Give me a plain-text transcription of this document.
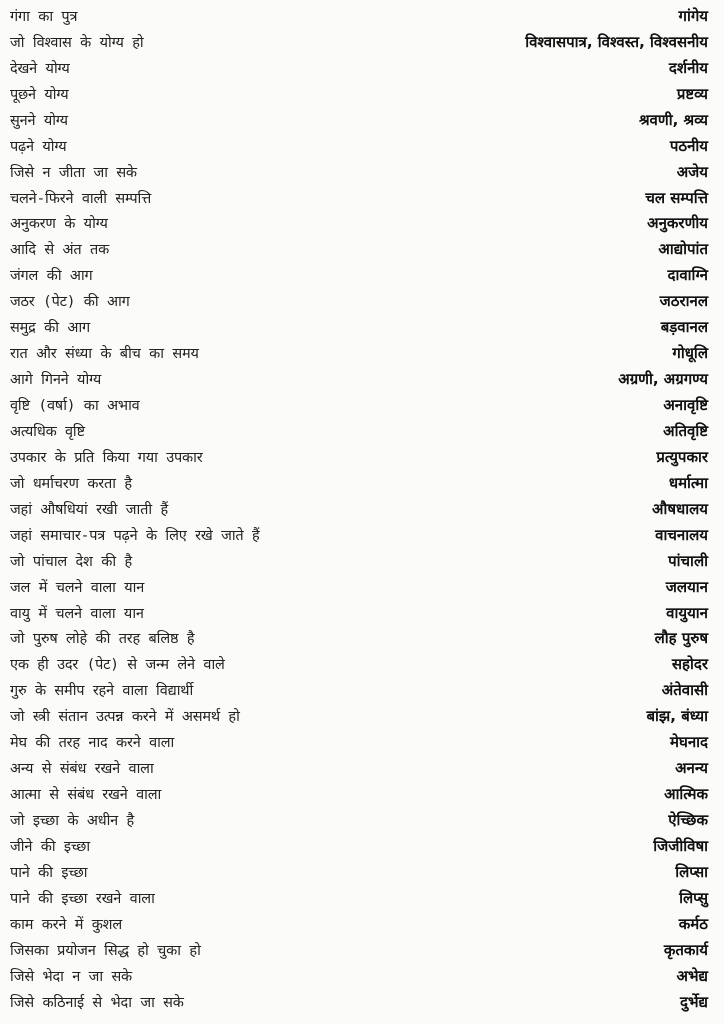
गंगा का पुत्र	गांगेय
जो विश्वास के योग्य हो	विश्वासपात्र, विश्वस्त, विश्वसनीय
देखने योग्य	दर्शनीय
पूछने योग्य	प्रष्टव्य
सुनने योग्य	श्रवणी, श्रव्य
पढ़ने योग्य	पठनीय
जिसे न जीता जा सके	अजेय
चलने-फिरने वाली सम्पत्ति	चल सम्पत्ति
अनुकरण के योग्य	अनुकरणीय
आदि से अंत तक	आद्योपांत
जंगल की आग	दावाग्नि
जठर (पेट) की आग	जठरानल
समुद्र की आग	बड़वानल
रात और संध्या के बीच का समय	गोधूलि
आगे गिनने योग्य	अग्रणी, अग्रगण्य
वृष्टि (वर्षा) का अभाव	अनावृष्टि
अत्यधिक वृष्टि	अतिवृष्टि
उपकार के प्रति किया गया उपकार	प्रत्युपकार
जो धर्माचरण करता है	धर्मात्मा
जहां औषधियां रखी जाती हैं	औषधालय
जहां समाचार-पत्र पढ़ने के लिए रखे जाते हैं	वाचनालय
जो पांचाल देश की है	पांचाली
जल में चलने वाला यान	जलयान
वायु में चलने वाला यान	वायुयान
जो पुरुष लोहे की तरह बलिष्ठ है	लौह पुरुष
एक ही उदर (पेट) से जन्म लेने वाले	सहोदर
गुरु के समीप रहने वाला विद्यार्थी	अंतेवासी
जो स्त्री संतान उत्पन्न करने में असमर्थ हो	बांझ, बंध्या
मेघ की तरह नाद करने वाला	मेघनाद
अन्य से संबंध रखने वाला	अनन्य
आत्मा से संबंध रखने वाला	आत्मिक
जो इच्छा के अधीन है	ऐच्छिक
जीने की इच्छा	जिजीविषा
पाने की इच्छा	लिप्सा
पाने की इच्छा रखने वाला	लिप्सु
काम करने में कुशल	कर्मठ
जिसका प्रयोजन सिद्ध हो चुका हो	कृतकार्य
जिसे भेदा न जा सके	अभेद्य
जिसे कठिनाई से भेदा जा सके	दुर्भेद्य
